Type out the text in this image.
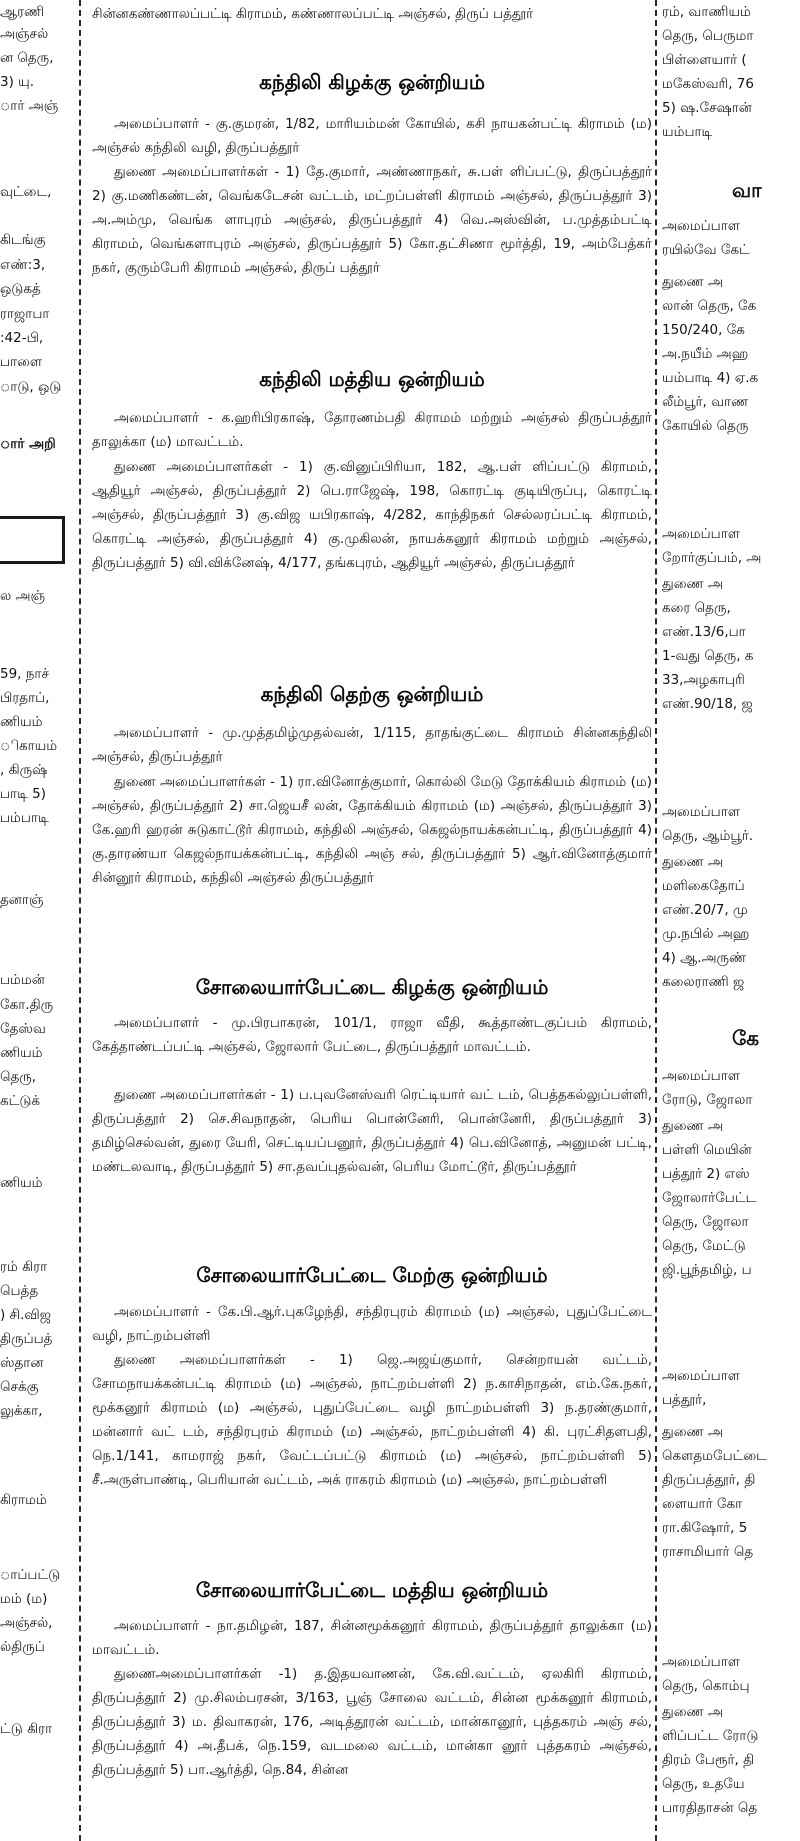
ஆரணி
அஞ்சல்
ன தெரு,
3) யு.
ார் அஞ்
வுட்டை,
கிடங்கு
எண்:3,
ஒடுகத்
ராஜாபா
:42-பி,
பாளை
ாடு, ஒடு
ார் அறி
ல அஞ்
59, நாச்
பிரதாப்,
ணியம்
ிகாயம்
, கிருஷ்
பாடி 5)
பம்பாடி
தனாஞ்
பம்மன்
கோ.திரு
தேஸ்வ
ணியம்
தெரு,
கட்டுக்
ணியம்
ரம் கிரா
பெத்த
) சி.விஜ
திருப்பத்
ஸ்தான
செக்கு
லுக்கா,
கிராமம்
ாப்பட்டு
மம் (ம)
அஞ்சல்,
ல்திருப்
ட்டு கிரா
சின்னகண்ணாலப்பட்டி கிராமம், கண்ணாலப்பட்டி அஞ்சல், திருப் பத்தூர்
கந்திலி கிழக்கு ஒன்றியம்
அமைப்பாளர் - கு.குமரன், 1/82, மாரியம்மன் கோயில், கசி நாயகன்பட்டி கிராமம் (ம) அஞ்சல் கந்திலி வழி, திருப்பத்தூர்
துணை அமைப்பாளர்கள் - 1) தே.குமார், அண்ணாநகர், சு.பள் ளிப்பட்டு, திருப்பத்தூர் 2) கு.மணிகண்டன், வெங்கடேசன் வட்டம், மட்றப்பள்ளி கிராமம் அஞ்சல், திருப்பத்தூர் 3) அ.அம்மு, வெங்க ளாபுரம் அஞ்சல், திருப்பத்தூர் 4) வெ.அஸ்வின், ப.முத்தம்பட்டி கிராமம், வெங்களாபுரம் அஞ்சல், திருப்பத்தூர் 5) கோ.தட்சிணா மூர்த்தி, 19, அம்பேத்கர் நகர், குரும்பேரி கிராமம் அஞ்சல், திருப் பத்தூர்
கந்திலி மத்திய ஒன்றியம்
அமைப்பாளர் - க.ஹரிபிரகாஷ், தோரணம்பதி கிராமம் மற்றும் அஞ்சல் திருப்பத்தூர் தாலுக்கா (ம) மாவட்டம்.
துணை அமைப்பாளர்கள் - 1) கு.வினுப்பிரியா, 182, ஆ.பள் ளிப்பட்டு கிராமம், ஆதியூர் அஞ்சல், திருப்பத்தூர் 2) பெ.ராஜேஷ், 198, கொரட்டி குடியிருப்பு, கொரட்டி அஞ்சல், திருப்பத்தூர் 3) கு.விஜ யபிரகாஷ், 4/282, காந்திநகர் செல்லரப்பட்டி கிராமம், கொரட்டி அஞ்சல், திருப்பத்தூர் 4) கு.முகிலன், நாயக்கனூர் கிராமம் மற்றும் அஞ்சல், திருப்பத்தூர் 5) வி.விக்னேஷ், 4/177, தங்கபுரம், ஆதியூர் அஞ்சல், திருப்பத்தூர்
கந்திலி தெற்கு ஒன்றியம்
அமைப்பாளர் - மு.முத்தமிழ்முதல்வன், 1/115, தாதங்குட்டை கிராமம் சின்னகந்திலி அஞ்சல், திருப்பத்தூர்
துணை அமைப்பாளர்கள் - 1) ரா.வினோத்குமார், கொல்லி மேடு தோக்கியம் கிராமம் (ம) அஞ்சல், திருப்பத்தூர் 2) சா.ஜெயசீ லன், தோக்கியம் கிராமம் (ம) அஞ்சல், திருப்பத்தூர் 3) கே.ஹரி ஹரன் சுடுகாட்டூர் கிராமம், கந்திலி அஞ்சல், கெஜல்நாயக்கன்பட்டி, திருப்பத்தூர் 4) கு.தாரண்யா கெஜல்நாயக்கன்பட்டி, கந்திலி அஞ் சல், திருப்பத்தூர் 5) ஆர்.வினோத்குமார் சின்னூர் கிராமம், கந்திலி அஞ்சல் திருப்பத்தூர்
சோலையார்பேட்டை கிழக்கு ஒன்றியம்
அமைப்பாளர் - மு.பிரபாகரன், 101/1, ராஜா வீதி, கூத்தாண்டகுப்பம் கிராமம், கேத்தாண்டப்பட்டி அஞ்சல், ஜோலார் பேட்டை, திருப்பத்தூர் மாவட்டம்.
துணை அமைப்பாளர்கள் - 1) ப.புவனேஸ்வரி ரெட்டியார் வட் டம், பெத்தகல்லுப்பள்ளி, திருப்பத்தூர் 2) செ.சிவநாதன், பெரிய பொன்னேரி, பொன்னேரி, திருப்பத்தூர் 3) தமிழ்செல்வன், துரை யேரி, செட்டியப்பனூர், திருப்பத்தூர் 4) பெ.வினோத், அனுமன் பட்டி, மண்டலவாடி, திருப்பத்தூர் 5) சா.தவப்புதல்வன், பெரிய மோட்டூர், திருப்பத்தூர்
சோலையார்பேட்டை மேற்கு ஒன்றியம்
அமைப்பாளர் - கே.பி.ஆர்.புகழேந்தி, சந்திரபுரம் கிராமம் (ம) அஞ்சல், புதுப்பேட்டை வழி, நாட்றம்பள்ளி
துணை அமைப்பாளர்கள் - 1) ஜெ.அஜய்குமார், சென்றாயன் வட்டம், சோமநாயக்கன்பட்டி கிராமம் (ம) அஞ்சல், நாட்றம்பள்ளி 2) ந.காசிநாதன், எம்.கே.நகர், மூக்கனூர் கிராமம் (ம) அஞ்சல், புதுப்பேட்டை வழி நாட்றம்பள்ளி 3) ந.தரண்குமார், மன்னார் வட் டம், சந்திரபுரம் கிராமம் (ம) அஞ்சல், நாட்றம்பள்ளி 4) கி. புரட்சிதளபதி, நெ.1/141, காமராஜ் நகர், வேட்டப்பட்டு கிராமம் (ம) அஞ்சல், நாட்றம்பள்ளி 5) சீ.அருள்பாண்டி, பெரியான் வட்டம், அக் ராகரம் கிராமம் (ம) அஞ்சல், நாட்றம்பள்ளி
சோலையார்பேட்டை மத்திய ஒன்றியம்
அமைப்பாளர் - நா.தமிழன், 187, சின்னமூக்கனூர் கிராமம், திருப்பத்தூர் தாலுக்கா (ம) மாவட்டம்.
துணைஅமைப்பாளர்கள் -1) த.இதயவாணன், கே.வி.வட்டம், ஏலகிரி கிராமம், திருப்பத்தூர் 2) மு.சிலம்பரசன், 3/163, பூஞ் சோலை வட்டம், சின்ன மூக்கனூர் கிராமம், திருப்பத்தூர் 3) ம. திவாகரன், 176, அடித்தூரன் வட்டம், மான்கானூர், புத்தகரம் அஞ் சல், திருப்பத்தூர் 4) அ.தீபக், நெ.159, வடமலை வட்டம், மான்கா னூர் புத்தகரம் அஞ்சல், திருப்பத்தூர் 5) பா.ஆர்த்தி, நெ.84, சின்ன
ரம், வாணியம்
தெரு, பெருமா
பிள்ளையார் (
மகேஸ்வரி, 76
5) ஷ.சேஷான்
யம்பாடி
வா
அமைப்பாள
ரயில்வே கேட்
துணை அ
லான் தெரு, கே
150/240, கே
அ.நயீம் அஹ
யம்பாடி 4) ஏ.க
லீம்பூர், வாண
கோயில் தெரு
அமைப்பாள
றோர்குப்பம், அ
துணை அ
கரை தெரு,
எண்.13/6,பா
1-வது தெரு, க
33,அழகாபுரி
எண்.90/18, ஜ
அமைப்பாள
தெரு, ஆம்பூர்.
துணை அ
மளிகைதோப்
எண்.20/7, மு
மு.நபில் அஹ
4) ஆ.அருண்
கலைராணி ஜ
கே
அமைப்பாள
ரோடு, ஜோலா
துணை அ
பள்ளி மெயின்
பத்தூர் 2) எஸ்
ஜோலார்பேட்ட
தெரு, ஜோலா
தெரு, மேட்டு
ஜி.பூந்தமிழ், ப
அமைப்பாள
பத்தூர்,
துணை அ
கௌதமபேட்டை
திருப்பத்தூர், தி
ளையார் கோ
ரா.கிஷோர், 5
ராசாமியார் தெ
அமைப்பாள
தெரு, கொம்பு
துணை அ
ளிப்பட்ட ரோடு
திரம் பேரூர், தி
தெரு, உதயே
பாரதிதாசன் தெ
